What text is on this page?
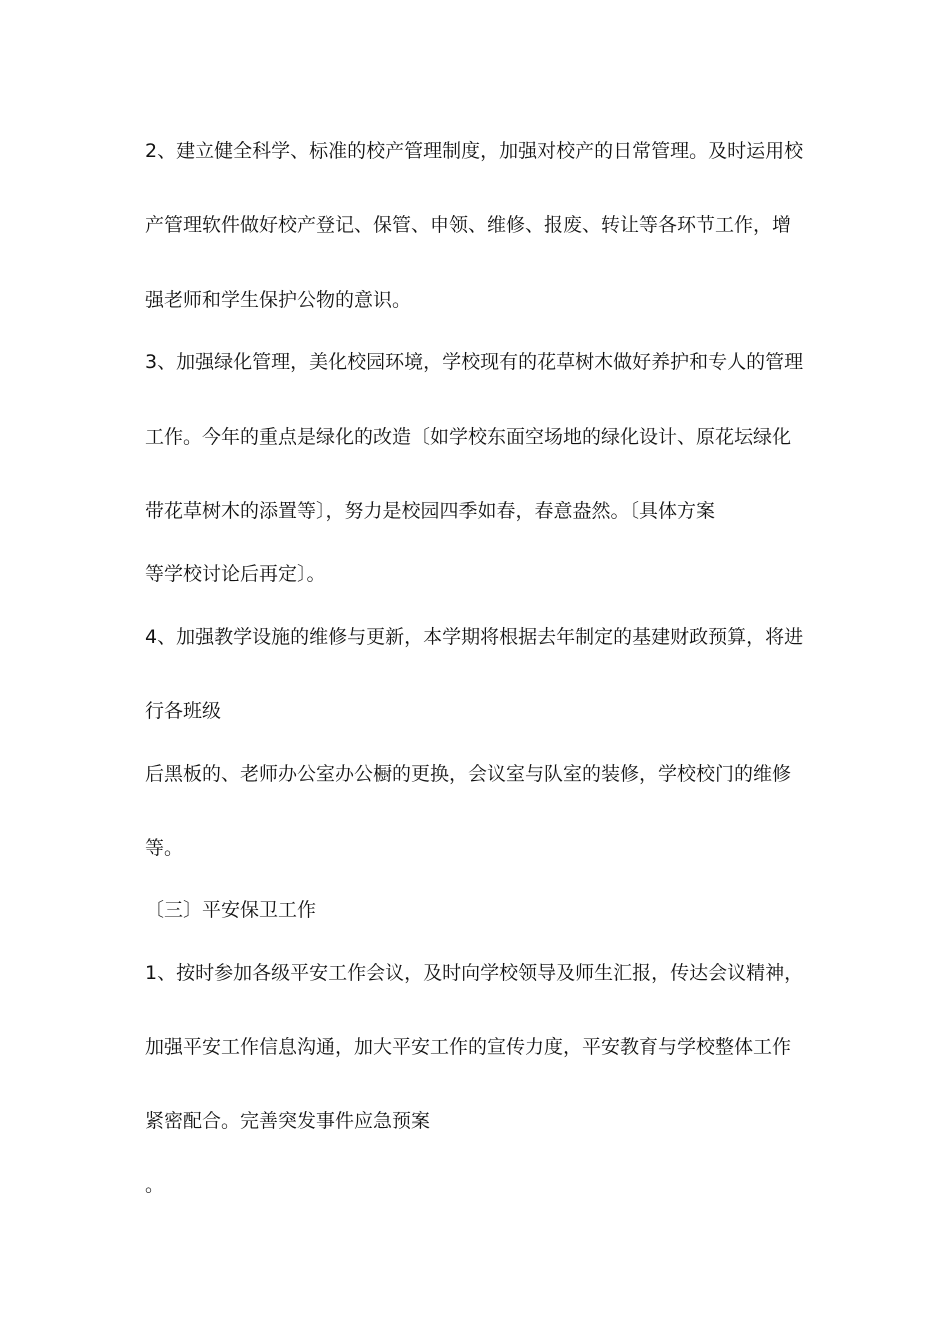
2、建立健全科学、标准的校产管理制度，加强对校产的日常管理。及时运用校

产管理软件做好校产登记、保管、申领、维修、报废、转让等各环节工作，增

强老师和学生保护公物的意识。

3、加强绿化管理，美化校园环境，学校现有的花草树木做好养护和专人的管理

工作。今年的重点是绿化的改造〔如学校东面空场地的绿化设计、原花坛绿化

带花草树木的添置等〕，努力是校园四季如春，春意盎然。〔具体方案

等学校讨论后再定〕。

4、加强教学设施的维修与更新，本学期将根据去年制定的基建财政预算，将进

行各班级

后黑板的、老师办公室办公橱的更换，会议室与队室的装修，学校校门的维修

等。

〔三〕平安保卫工作

1、按时参加各级平安工作会议，及时向学校领导及师生汇报，传达会议精神，

加强平安工作信息沟通，加大平安工作的宣传力度，平安教育与学校整体工作

紧密配合。完善突发事件应急预案

。
